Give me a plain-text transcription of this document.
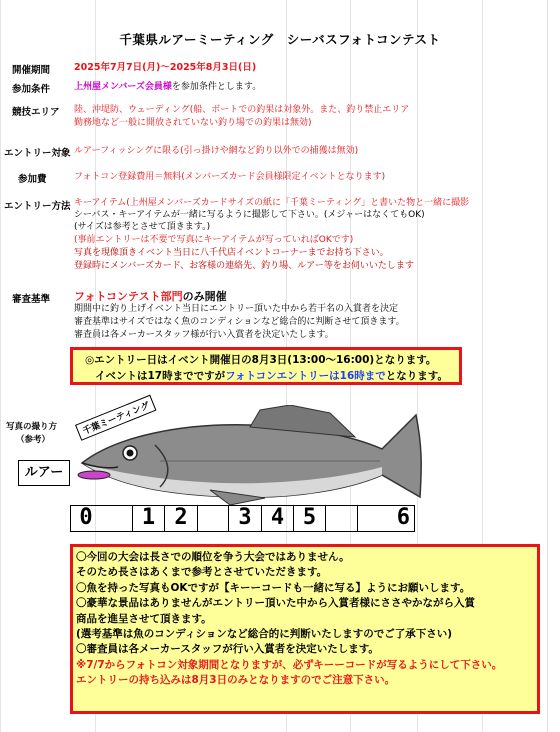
千葉県ルアーミーティング　シーバスフォトコンテスト
開催期間	2025年7月7日(月)〜2025年8月3日(日)
参加条件	上州屋メンバーズ会員様を参加条件とします。
競技エリア 陸、沖堤防、ウェーディング(船、ボートでの釣果は対象外。また、釣り禁止エリア
勤務地など一般に開放されていない釣り場での釣果は無効)
エントリー対象 ルアーフィッシングに限る(引っ掛けや網など釣り以外での捕獲は無効)
参加費	フォトコン登録費用＝無料(メンバーズカード会員様限定イベントとなります)
エントリー方法 キーアイテム(上州屋メンバーズカードサイズの紙に「千葉ミーティング」と書いた物と一緒に撮影
シーバス・キーアイテムが一緒に写るように撮影して下さい。(メジャーはなくてもOK)
(サイズは参考とさせて頂きます。)
(事前エントリーは不要で写真にキーアイテムが写っていればOKです)
写真を現像頂きイベント当日に八千代店イベントコーナーまでお持ち下さい。
登録時にメンバーズカード、お客様の連絡先、釣り場、ルアー等をお伺いいたします
審査基準 フォトコンテスト部門のみ開催
期間中に釣り上げイベント当日にエントリー頂いた中から若干名の入賞者を決定
審査基準はサイズではなく魚のコンディションなど総合的に判断させて頂きます。
審査員は各メーカースタッフ様が行い入賞者を決定いたします。
◎エントリー日はイベント開催日の8月3日(13:00〜16:00)となります。
イベントは17時までですがフォトコンエントリーは16時までとなります。
写真の撮り方
（参考）
千葉ミーティング
ルアー
0	1 2	3 4 5	6
〇今回の大会は長さでの順位を争う大会ではありません。
そのため長さはあくまで参考とさせていただきます。
〇魚を持った写真もOKですが【キーーコードも一緒に写る】ようにお願いします。
〇豪華な景品はありませんがエントリー頂いた中から入賞者様にささやかながら入賞
商品を進呈させて頂きます。
(選考基準は魚のコンディションなど総合的に判断いたしますのでご了承下さい)
〇審査員は各メーカースタッフが行い入賞者を決定いたします。
※7/7からフォトコン対象期間となりますが、必ずキーーコードが写るようにして下さい。
エントリーの持ち込みは8月3日のみとなりますのでご注意下さい。
